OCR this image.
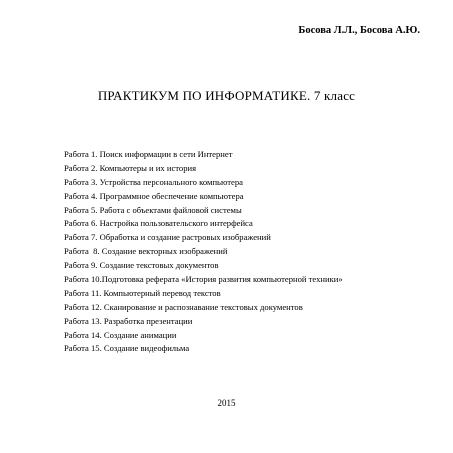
Босова Л.Л., Босова А.Ю.
ПРАКТИКУМ ПО ИНФОРМАТИКЕ. 7 класс
Работа 1. Поиск информации в сети Интернет
Работа 2. Компьютеры и их история
Работа 3. Устройства персонального компьютера
Работа 4. Программное обеспечение компьютера
Работа 5. Работа с объектами файловой системы
Работа 6. Настройка пользовательского интерфейса
Работа 7. Обработка и создание растровых изображений
Работа  8. Создание векторных изображений
Работа 9. Создание текстовых документов
Работа 10.Подготовка реферата «История развития компьютерной техники»
Работа 11. Компьютерный перевод текстов
Работа 12. Сканирование и распознавание текстовых документов
Работа 13. Разработка презентации
Работа 14. Создание анимации
Работа 15. Создание видеофильма
2015
